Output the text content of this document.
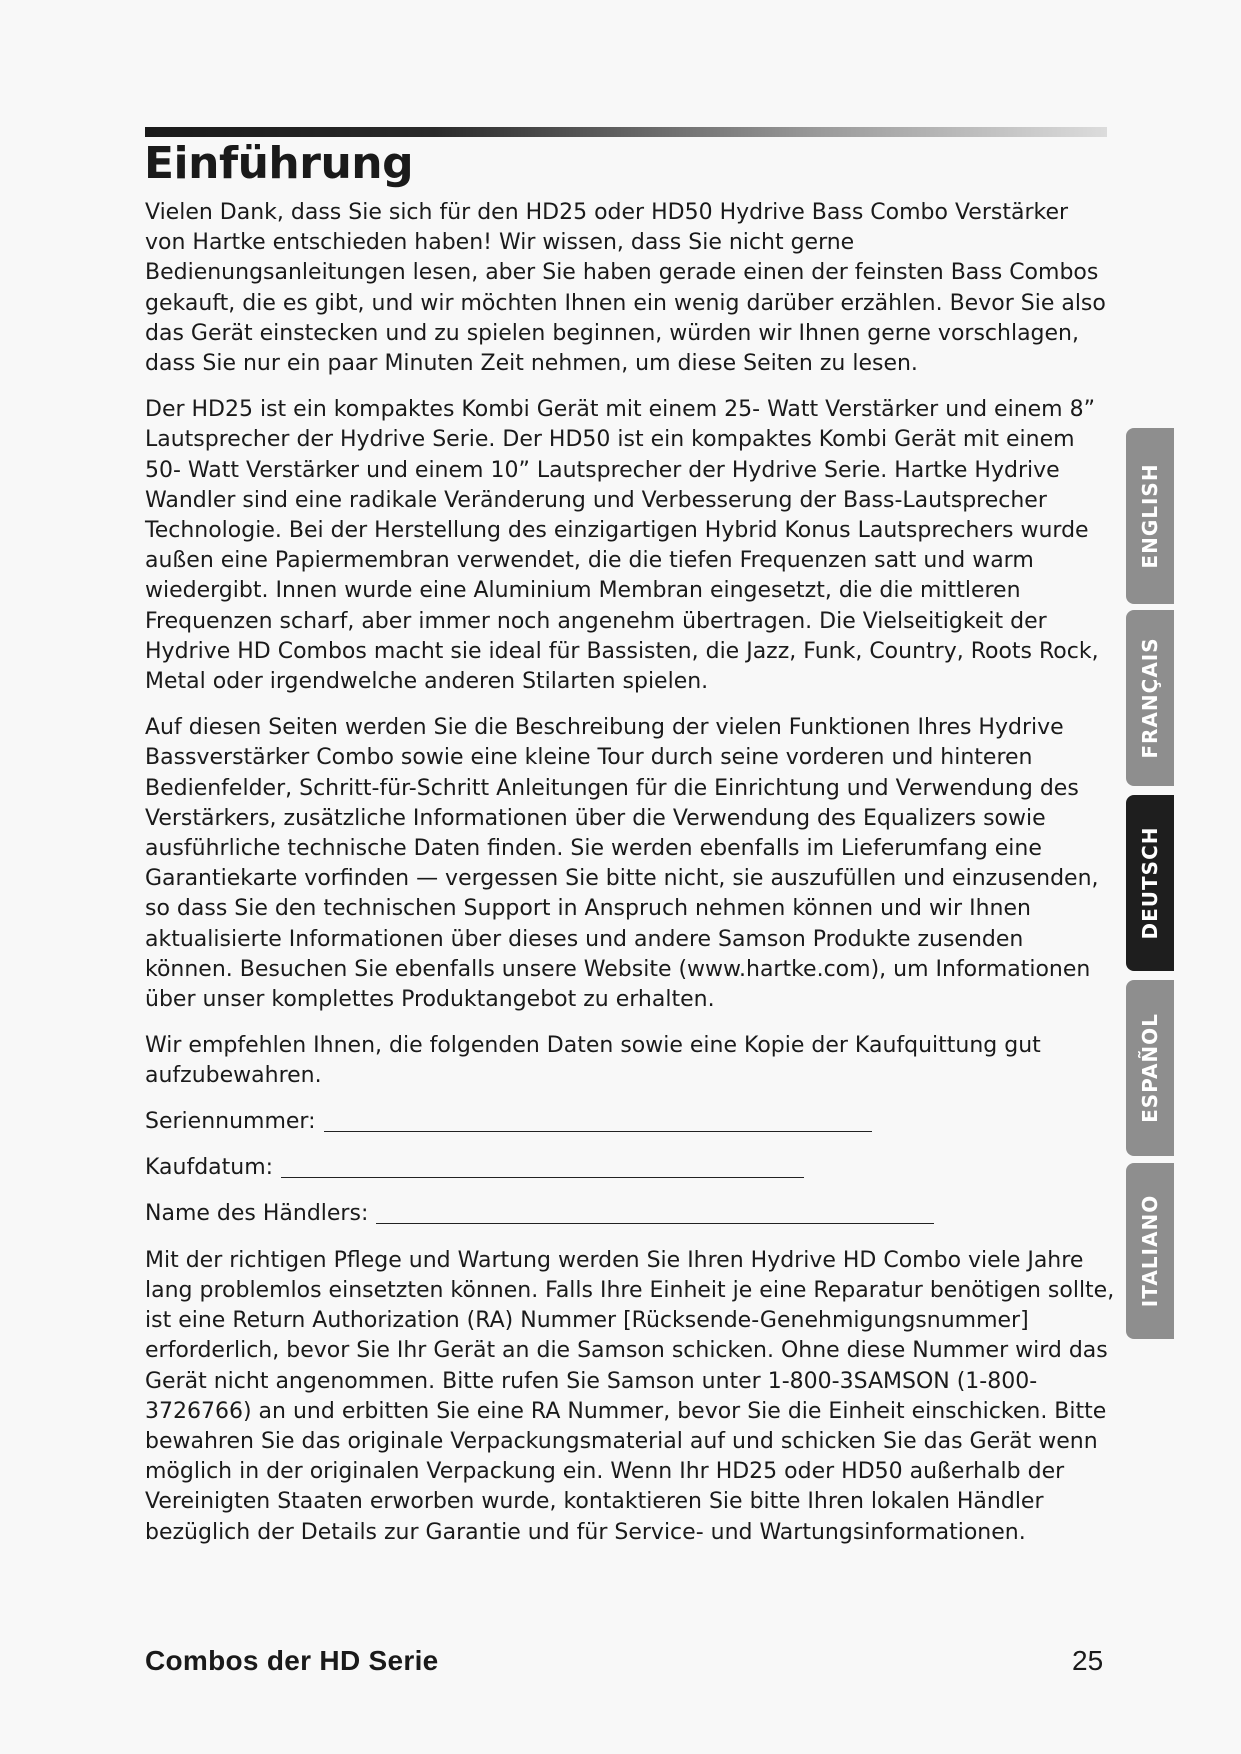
Einführung

Vielen Dank, dass Sie sich für den HD25 oder HD50 Hydrive Bass Combo Verstärker von Hartke entschieden haben! Wir wissen, dass Sie nicht gerne Bedienungsanleitungen lesen, aber Sie haben gerade einen der feinsten Bass Combos gekauft, die es gibt, und wir möchten Ihnen ein wenig darüber erzählen. Bevor Sie also das Gerät einstecken und zu spielen beginnen, würden wir Ihnen gerne vorschlagen, dass Sie nur ein paar Minuten Zeit nehmen, um diese Seiten zu lesen.

Der HD25 ist ein kompaktes Kombi Gerät mit einem 25- Watt Verstärker und einem 8” Lautsprecher der Hydrive Serie. Der HD50 ist ein kompaktes Kombi Gerät mit einem 50- Watt Verstärker und einem 10” Lautsprecher der Hydrive Serie. Hartke Hydrive Wandler sind eine radikale Veränderung und Verbesserung der Bass-Lautsprecher Technologie. Bei der Herstellung des einzigartigen Hybrid Konus Lautsprechers wurde außen eine Papiermembran verwendet, die die tiefen Frequenzen satt und warm wiedergibt. Innen wurde eine Aluminium Membran eingesetzt, die die mittleren Frequenzen scharf, aber immer noch angenehm übertragen. Die Vielseitigkeit der Hydrive HD Combos macht sie ideal für Bassisten, die Jazz, Funk, Country, Roots Rock, Metal oder irgendwelche anderen Stilarten spielen.

Auf diesen Seiten werden Sie die Beschreibung der vielen Funktionen Ihres Hydrive Bassverstärker Combo sowie eine kleine Tour durch seine vorderen und hinteren Bedienfelder, Schritt-für-Schritt Anleitungen für die Einrichtung und Verwendung des Verstärkers, zusätzliche Informationen über die Verwendung des Equalizers sowie ausführliche technische Daten finden. Sie werden ebenfalls im Lieferumfang eine Garantiekarte vorfinden — vergessen Sie bitte nicht, sie auszufüllen und einzusenden, so dass Sie den technischen Support in Anspruch nehmen können und wir Ihnen aktualisierte Informationen über dieses und andere Samson Produkte zusenden können. Besuchen Sie ebenfalls unsere Website (www.hartke.com), um Informationen über unser komplettes Produktangebot zu erhalten.

Wir empfehlen Ihnen, die folgenden Daten sowie eine Kopie der Kaufquittung gut aufzubewahren.

Seriennummer:
Kaufdatum:
Name des Händlers:

Mit der richtigen Pflege und Wartung werden Sie Ihren Hydrive HD Combo viele Jahre lang problemlos einsetzten können. Falls Ihre Einheit je eine Reparatur benötigen sollte, ist eine Return Authorization (RA) Nummer [Rücksende-Genehmigungsnummer] erforderlich, bevor Sie Ihr Gerät an die Samson schicken. Ohne diese Nummer wird das Gerät nicht angenommen. Bitte rufen Sie Samson unter 1-800-3SAMSON (1-800-3726766) an und erbitten Sie eine RA Nummer, bevor Sie die Einheit einschicken. Bitte bewahren Sie das originale Verpackungsmaterial auf und schicken Sie das Gerät wenn möglich in der originalen Verpackung ein. Wenn Ihr HD25 oder HD50 außerhalb der Vereinigten Staaten erworben wurde, kontaktieren Sie bitte Ihren lokalen Händler bezüglich der Details zur Garantie und für Service- und Wartungsinformationen.

ENGLISH
FRANÇAIS
DEUTSCH
ESPAÑOL
ITALIANO
Combos der HD Serie	25
